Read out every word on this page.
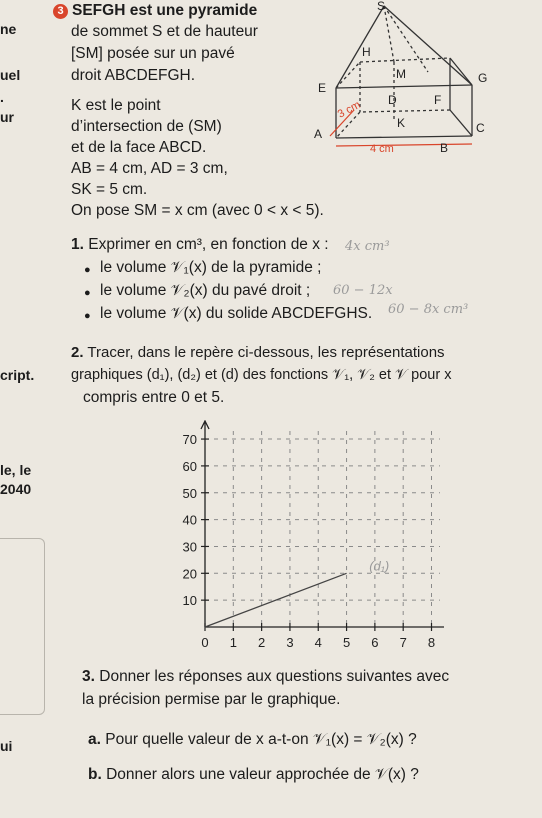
ne
uel
.
ur
cript.
le, le
2040
ui
3 SEFGH est une pyramide
de sommet S et de hauteur
[SM] posée sur un pavé
droit ABCDEFGH.
K est le point
d’intersection de (SM)
et de la face ABCD.
AB = 4 cm, AD = 3 cm,
SK = 5 cm.
On pose SM = x cm (avec 0 < x < 5).
S
H
M
E
D	F
K
A
B
C
G
3 cm
4 cm
1. Exprimer en cm³, en fonction de x :
● le volume 𝒱₁(x) de la pyramide ;
● le volume 𝒱₂(x) du pavé droit ;
● le volume 𝒱(x) du solide ABCDEFGHS.
4x cm³
60 − 12x
60 − 8x cm³
2. Tracer, dans le repère ci-dessous, les représentations
graphiques (d₁), (d₂) et (d) des fonctions 𝒱₁, 𝒱₂ et 𝒱 pour x
compris entre 0 et 5.
0 1 2 3 4 5 6 7 8
10
20
30
40
50
60
70
(d₁)
3. Donner les réponses aux questions suivantes avec
la précision permise par le graphique.
a. Pour quelle valeur de x a-t-on 𝒱₁(x) = 𝒱₂(x) ?
b. Donner alors une valeur approchée de 𝒱(x) ?
